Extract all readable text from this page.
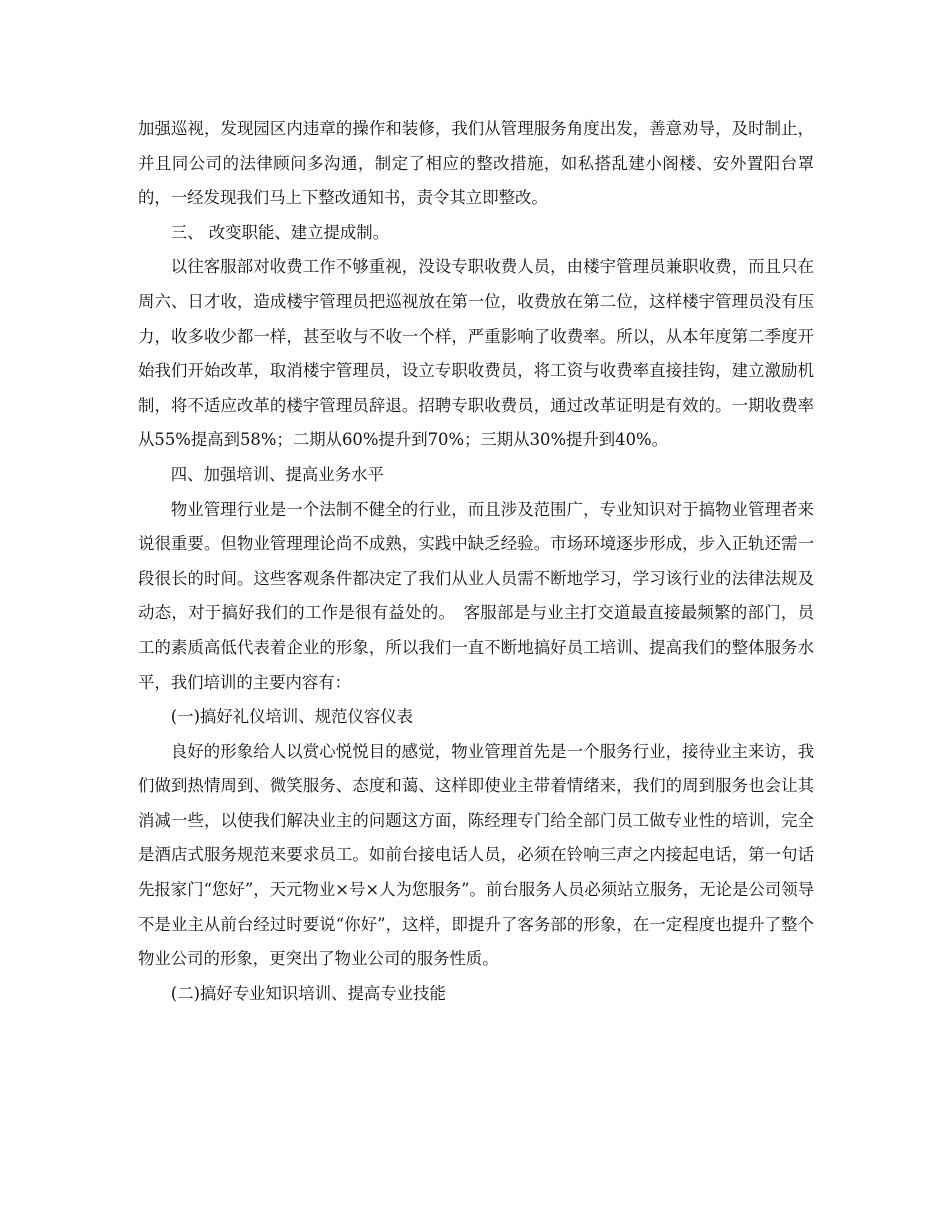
加强巡视，发现园区内违章的操作和装修，我们从管理服务角度出发，善意劝导，及时制止，并且同公司的法律顾问多沟通，制定了相应的整改措施，如私搭乱建小阁楼、安外置阳台罩的，一经发现我们马上下整改通知书，责令其立即整改。

三、 改变职能、建立提成制。

以往客服部对收费工作不够重视，没设专职收费人员，由楼宇管理员兼职收费，而且只在周六、日才收，造成楼宇管理员把巡视放在第一位，收费放在第二位，这样楼宇管理员没有压力，收多收少都一样，甚至收与不收一个样，严重影响了收费率。所以，从本年度第二季度开始我们开始改革，取消楼宇管理员，设立专职收费员，将工资与收费率直接挂钩，建立激励机制，将不适应改革的楼宇管理员辞退。招聘专职收费员，通过改革证明是有效的。一期收费率从55%提高到58%；二期从60%提升到70%；三期从30%提升到40%。

四、加强培训、提高业务水平

物业管理行业是一个法制不健全的行业，而且涉及范围广，专业知识对于搞物业管理者来说很重要。但物业管理理论尚不成熟，实践中缺乏经验。市场环境逐步形成，步入正轨还需一段很长的时间。这些客观条件都决定了我们从业人员需不断地学习，学习该行业的法律法规及动态，对于搞好我们的工作是很有益处的。　客服部是与业主打交道最直接最频繁的部门，员工的素质高低代表着企业的形象，所以我们一直不断地搞好员工培训、提高我们的整体服务水平，我们培训的主要内容有：

(一)搞好礼仪培训、规范仪容仪表

良好的形象给人以赏心悦悦目的感觉，物业管理首先是一个服务行业，接待业主来访，我们做到热情周到、微笑服务、态度和蔼、这样即使业主带着情绪来，我们的周到服务也会让其消减一些，以使我们解决业主的问题这方面，陈经理专门给全部门员工做专业性的培训，完全是酒店式服务规范来要求员工。如前台接电话人员，必须在铃响三声之内接起电话，第一句话先报家门“您好”，天元物业×号×人为您服务”。前台服务人员必须站立服务，无论是公司领导不是业主从前台经过时要说“你好”，这样，即提升了客务部的形象，在一定程度也提升了整个物业公司的形象，更突出了物业公司的服务性质。

(二)搞好专业知识培训、提高专业技能
